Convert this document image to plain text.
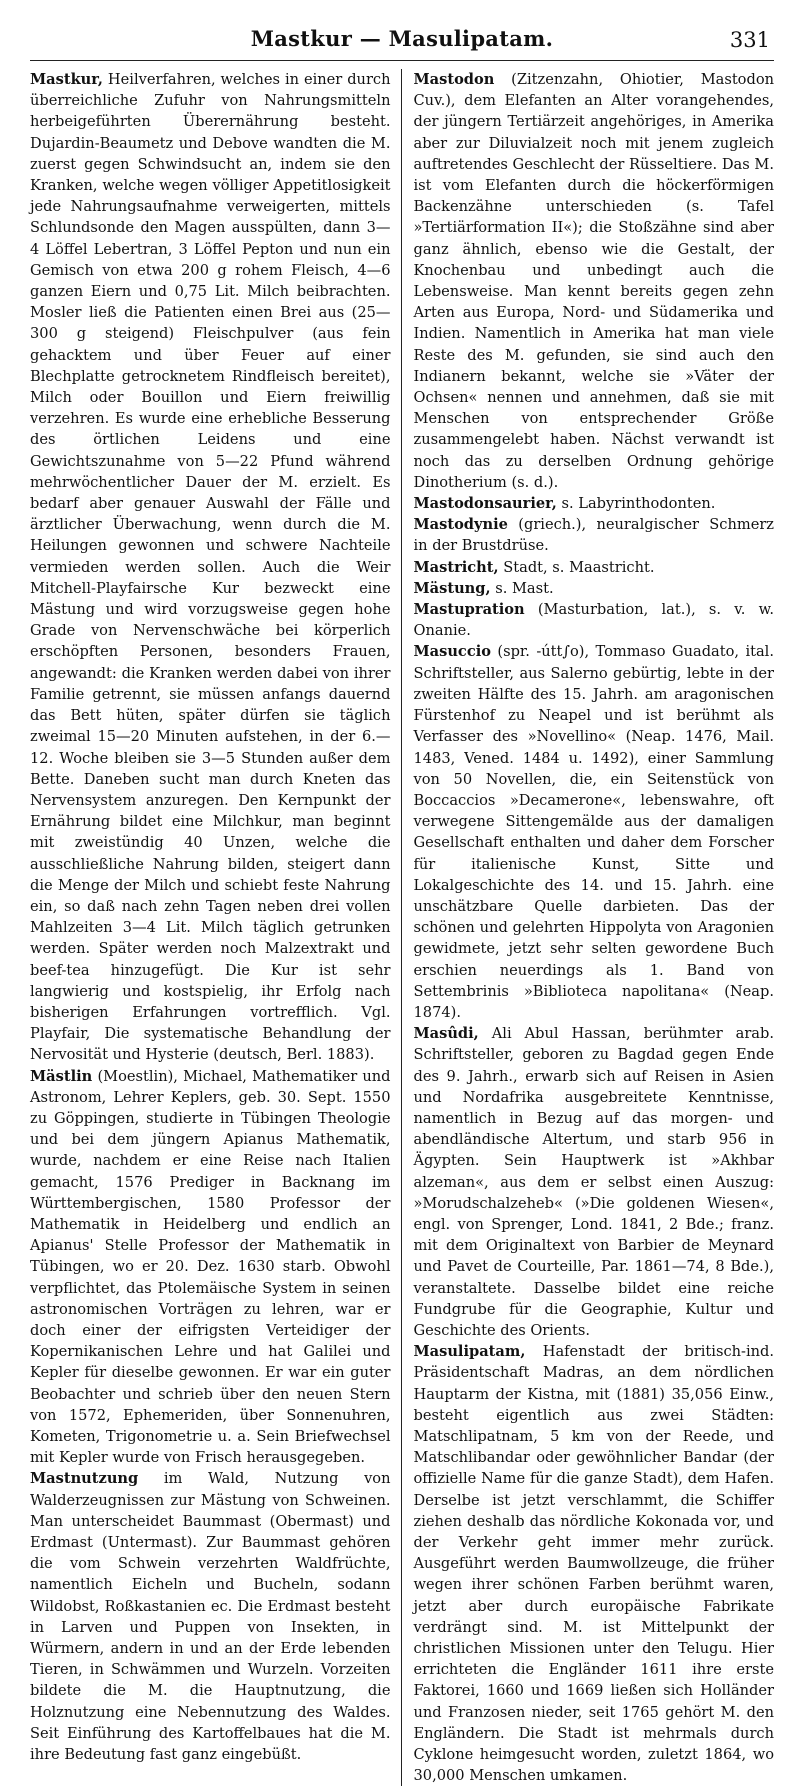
Mastkur — Masulipatam.	331

Mastkur, Heilverfahren, welches in einer durch überreichliche Zufuhr von Nahrungsmitteln herbeigeführten Überernährung besteht. Dujardin-Beaumetz und Debove wandten die M. zuerst gegen Schwindsucht an, indem sie den Kranken, welche wegen völliger Appetitlosigkeit jede Nahrungsaufnahme verweigerten, mittels Schlundsonde den Magen ausspülten, dann 3—4 Löffel Lebertran, 3 Löffel Pepton und nun ein Gemisch von etwa 200 g rohem Fleisch, 4—6 ganzen Eiern und 0,75 Lit. Milch beibrachten. Mosler ließ die Patienten einen Brei aus (25—300 g steigend) Fleischpulver (aus fein gehacktem und über Feuer auf einer Blechplatte getrocknetem Rindfleisch bereitet), Milch oder Bouillon und Eiern freiwillig verzehren. Es wurde eine erhebliche Besserung des örtlichen Leidens und eine Gewichtszunahme von 5—22 Pfund während mehrwöchentlicher Dauer der M. erzielt. Es bedarf aber genauer Auswahl der Fälle und ärztlicher Überwachung, wenn durch die M. Heilungen gewonnen und schwere Nachteile vermieden werden sollen. Auch die Weir Mitchell-Playfairsche Kur bezweckt eine Mästung und wird vorzugsweise gegen hohe Grade von Nervenschwäche bei körperlich erschöpften Personen, besonders Frauen, angewandt: die Kranken werden dabei von ihrer Familie getrennt, sie müssen anfangs dauernd das Bett hüten, später dürfen sie täglich zweimal 15—20 Minuten aufstehen, in der 6.—12. Woche bleiben sie 3—5 Stunden außer dem Bette. Daneben sucht man durch Kneten das Nervensystem anzuregen. Den Kernpunkt der Ernährung bildet eine Milchkur, man beginnt mit zweistündig 40 Unzen, welche die ausschließliche Nahrung bilden, steigert dann die Menge der Milch und schiebt feste Nahrung ein, so daß nach zehn Tagen neben drei vollen Mahlzeiten 3—4 Lit. Milch täglich getrunken werden. Später werden noch Malzextrakt und beef-tea hinzugefügt. Die Kur ist sehr langwierig und kostspielig, ihr Erfolg nach bisherigen Erfahrungen vortrefflich. Vgl. Playfair, Die systematische Behandlung der Nervosität und Hysterie (deutsch, Berl. 1883).

Mästlin (Moestlin), Michael, Mathematiker und Astronom, Lehrer Keplers, geb. 30. Sept. 1550 zu Göppingen, studierte in Tübingen Theologie und bei dem jüngern Apianus Mathematik, wurde, nachdem er eine Reise nach Italien gemacht, 1576 Prediger in Backnang im Württembergischen, 1580 Professor der Mathematik in Heidelberg und endlich an Apianus' Stelle Professor der Mathematik in Tübingen, wo er 20. Dez. 1630 starb. Obwohl verpflichtet, das Ptolemäische System in seinen astronomischen Vorträgen zu lehren, war er doch einer der eifrigsten Verteidiger der Kopernikanischen Lehre und hat Galilei und Kepler für dieselbe gewonnen. Er war ein guter Beobachter und schrieb über den neuen Stern von 1572, Ephemeriden, über Sonnenuhren, Kometen, Trigonometrie u. a. Sein Briefwechsel mit Kepler wurde von Frisch herausgegeben.

Mastnutzung im Wald, Nutzung von Walderzeugnissen zur Mästung von Schweinen. Man unterscheidet Baummast (Obermast) und Erdmast (Untermast). Zur Baummast gehören die vom Schwein verzehrten Waldfrüchte, namentlich Eicheln und Bucheln, sodann Wildobst, Roßkastanien ec. Die Erdmast besteht in Larven und Puppen von Insekten, in Würmern, andern in und an der Erde lebenden Tieren, in Schwämmen und Wurzeln. Vorzeiten bildete die M. die Hauptnutzung, die Holznutzung eine Nebennutzung des Waldes. Seit Einführung des Kartoffelbaues hat die M. ihre Bedeutung fast ganz eingebüßt.

Mastodon (Zitzenzahn, Ohiotier, Mastodon Cuv.), dem Elefanten an Alter vorangehendes, der jüngern Tertiärzeit angehöriges, in Amerika aber zur Diluvialzeit noch mit jenem zugleich auftretendes Geschlecht der Rüsseltiere. Das M. ist vom Elefanten durch die höckerförmigen Backenzähne unterschieden (s. Tafel »Tertiärformation II«); die Stoßzähne sind aber ganz ähnlich, ebenso wie die Gestalt, der Knochenbau und unbedingt auch die Lebensweise. Man kennt bereits gegen zehn Arten aus Europa, Nord- und Südamerika und Indien. Namentlich in Amerika hat man viele Reste des M. gefunden, sie sind auch den Indianern bekannt, welche sie »Väter der Ochsen« nennen und annehmen, daß sie mit Menschen von entsprechender Größe zusammengelebt haben. Nächst verwandt ist noch das zu derselben Ordnung gehörige Dinotherium (s. d.).

Mastodonsaurier, s. Labyrinthodonten.

Mastodynie (griech.), neuralgischer Schmerz in der Brustdrüse.

Mastricht, Stadt, s. Maastricht.

Mästung, s. Mast.

Mastupration (Masturbation, lat.), s. v. w. Onanie.

Masuccio (spr. -útt∫o), Tommaso Guadato, ital. Schriftsteller, aus Salerno gebürtig, lebte in der zweiten Hälfte des 15. Jahrh. am aragonischen Fürstenhof zu Neapel und ist berühmt als Verfasser des »Novellino« (Neap. 1476, Mail. 1483, Vened. 1484 u. 1492), einer Sammlung von 50 Novellen, die, ein Seitenstück von Boccaccios »Decamerone«, lebenswahre, oft verwegene Sittengemälde aus der damaligen Gesellschaft enthalten und daher dem Forscher für italienische Kunst, Sitte und Lokalgeschichte des 14. und 15. Jahrh. eine unschätzbare Quelle darbieten. Das der schönen und gelehrten Hippolyta von Aragonien gewidmete, jetzt sehr selten gewordene Buch erschien neuerdings als 1. Band von Settembrinis »Biblioteca napolitana« (Neap. 1874).

Masûdi, Ali Abul Hassan, berühmter arab. Schriftsteller, geboren zu Bagdad gegen Ende des 9. Jahrh., erwarb sich auf Reisen in Asien und Nordafrika ausgebreitete Kenntnisse, namentlich in Bezug auf das morgen- und abendländische Altertum, und starb 956 in Ägypten. Sein Hauptwerk ist »Akhbar alzeman«, aus dem er selbst einen Auszug: »Morudschalzeheb« (»Die goldenen Wiesen«, engl. von Sprenger, Lond. 1841, 2 Bde.; franz. mit dem Originaltext von Barbier de Meynard und Pavet de Courteille, Par. 1861—74, 8 Bde.), veranstaltete. Dasselbe bildet eine reiche Fundgrube für die Geographie, Kultur und Geschichte des Orients.

Masulipatam, Hafenstadt der britisch-ind. Präsidentschaft Madras, an dem nördlichen Hauptarm der Kistna, mit (1881) 35,056 Einw., besteht eigentlich aus zwei Städten: Matschlipatnam, 5 km von der Reede, und Matschlibandar oder gewöhnlicher Bandar (der offizielle Name für die ganze Stadt), dem Hafen. Derselbe ist jetzt verschlammt, die Schiffer ziehen deshalb das nördliche Kokonada vor, und der Verkehr geht immer mehr zurück. Ausgeführt werden Baumwollzeuge, die früher wegen ihrer schönen Farben berühmt waren, jetzt aber durch europäische Fabrikate verdrängt sind. M. ist Mittelpunkt der christlichen Missionen unter den Telugu. Hier errichteten die Engländer 1611 ihre erste Faktorei, 1660 und 1669 ließen sich Holländer und Franzosen nieder, seit 1765 gehört M. den Engländern. Die Stadt ist mehrmals durch Cyklone heimgesucht worden, zuletzt 1864, wo 30,000 Menschen umkamen.
